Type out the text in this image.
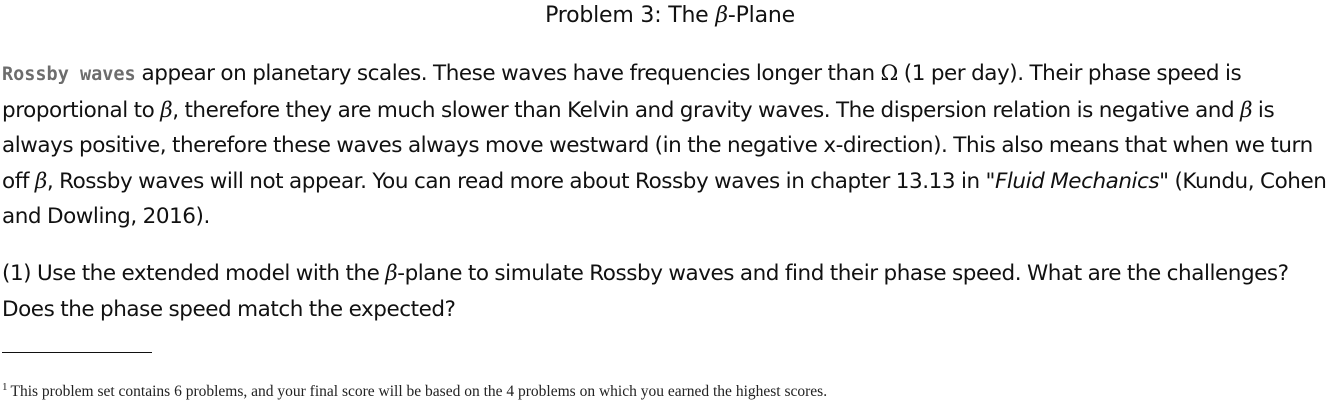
Problem 3: The β-Plane
Rossby waves appear on planetary scales. These waves have frequencies longer than Ω (1 per day). Their phase speed is proportional to β, therefore they are much slower than Kelvin and gravity waves. The dispersion relation is negative and β is always positive, therefore these waves always move westward (in the negative x-direction). This also means that when we turn off β, Rossby waves will not appear. You can read more about Rossby waves in chapter 13.13 in "Fluid Mechanics" (Kundu, Cohen and Dowling, 2016).
(1) Use the extended model with the β-plane to simulate Rossby waves and find their phase speed. What are the challenges? Does the phase speed match the expected?
$^1$ This problem set contains 6 problems, and your final score will be based on the 4 problems on which you earned the highest scores.
